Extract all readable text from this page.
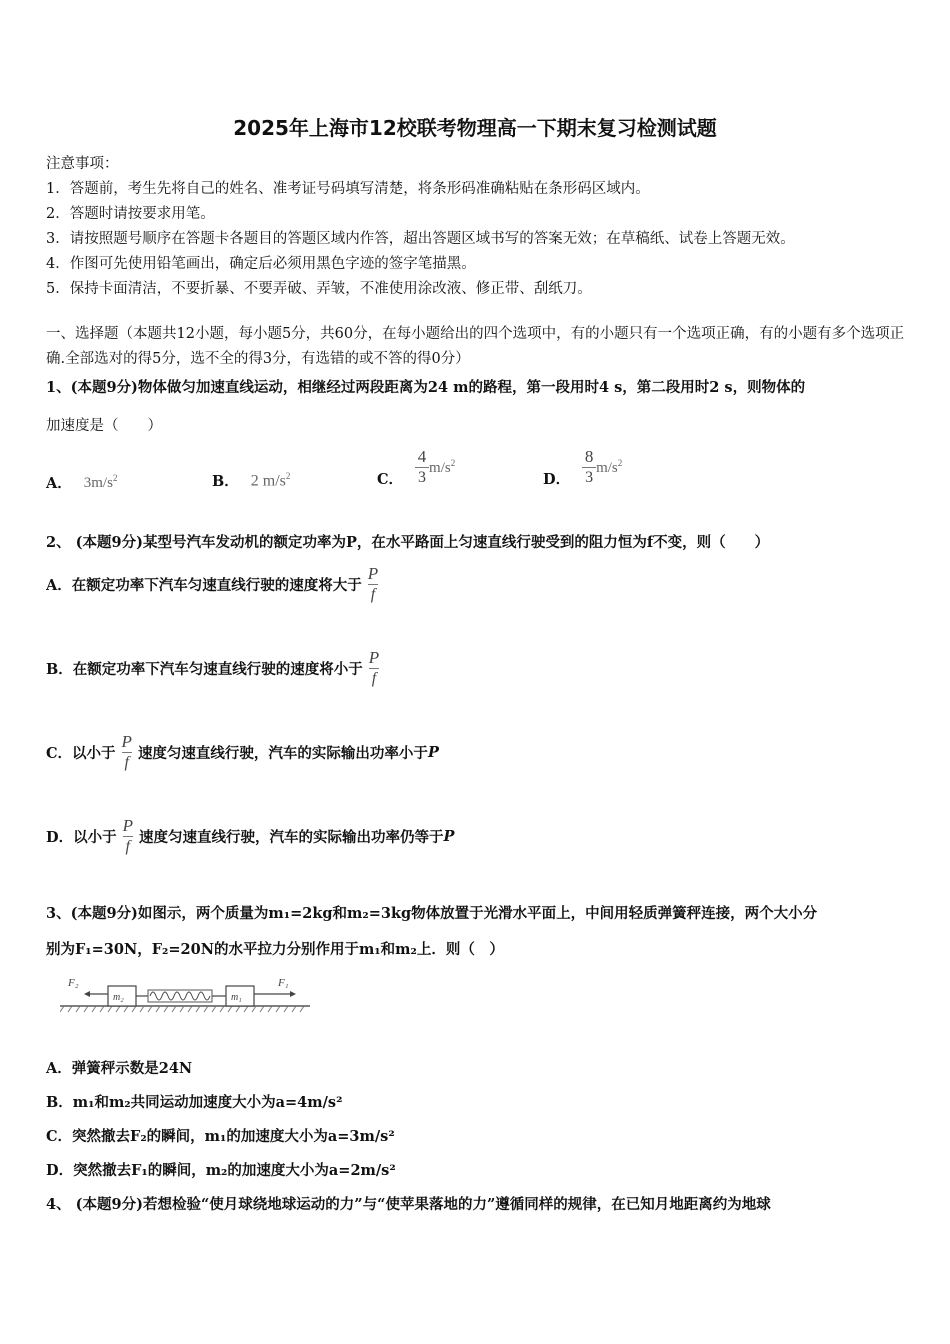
2025年上海市12校联考物理高一下期末复习检测试题
注意事项：
1．答题前，考生先将自己的姓名、准考证号码填写清楚，将条形码准确粘贴在条形码区域内。
2．答题时请按要求用笔。
3．请按照题号顺序在答题卡各题目的答题区域内作答，超出答题区域书写的答案无效；在草稿纸、试卷上答题无效。
4．作图可先使用铅笔画出，确定后必须用黑色字迹的签字笔描黑。
5．保持卡面清洁，不要折暴、不要弄破、弄皱，不准使用涂改液、修正带、刮纸刀。
一、选择题（本题共12小题，每小题5分，共60分，在每小题给出的四个选项中，有的小题只有一个选项正确，有的小题有多个选项正确.全部选对的得5分，选不全的得3分，有选错的或不答的得0分）
1、(本题9分)物体做匀加速直线运动，相继经过两段距离为24 m的路程，第一段用时4 s，第二段用时2 s，则物体的
加速度是（　　）
A． $3m/s^2$	B． 2 $m/s^2$	C． $\frac{4}{3} m/s^2$
D． $\frac{8}{3} m/s^2$
2、 (本题9分)某型号汽车发动机的额定功率为P，在水平路面上匀速直线行驶受到的阻力恒为f不变，则（　　）
A． 在额定功率下汽车匀速直线行驶的速度将大于 $\frac{P}{f}$
B． 在额定功率下汽车匀速直线行驶的速度将小于 $\frac{P}{f}$
C． 以小于 $\frac{P}{f}$ 速度匀速直线行驶，汽车的实际输出功率小于 P
D． 以小于 $\frac{P}{f}$ 速度匀速直线行驶，汽车的实际输出功率仍等于 P
3、(本题9分)如图示，两个质量为m₁=2kg和m₂=3kg物体放置于光滑水平面上，中间用轻质弹簧秤连接，两个大小分
别为F₁=30N，F₂=20N的水平拉力分别作用于m₁和m₂上．则（　）
F₂
m₂	m₁
F₁
A．弹簧秤示数是24N
B．m₁和m₂共同运动加速度大小为a=4m/s²
C．突然撤去F₂的瞬间，m₁的加速度大小为a=3m/s²
D．突然撤去F₁的瞬间，m₂的加速度大小为a=2m/s²
4、 (本题9分)若想检验“使月球绕地球运动的力”与“使苹果落地的力”遵循同样的规律，在已知月地距离约为地球
